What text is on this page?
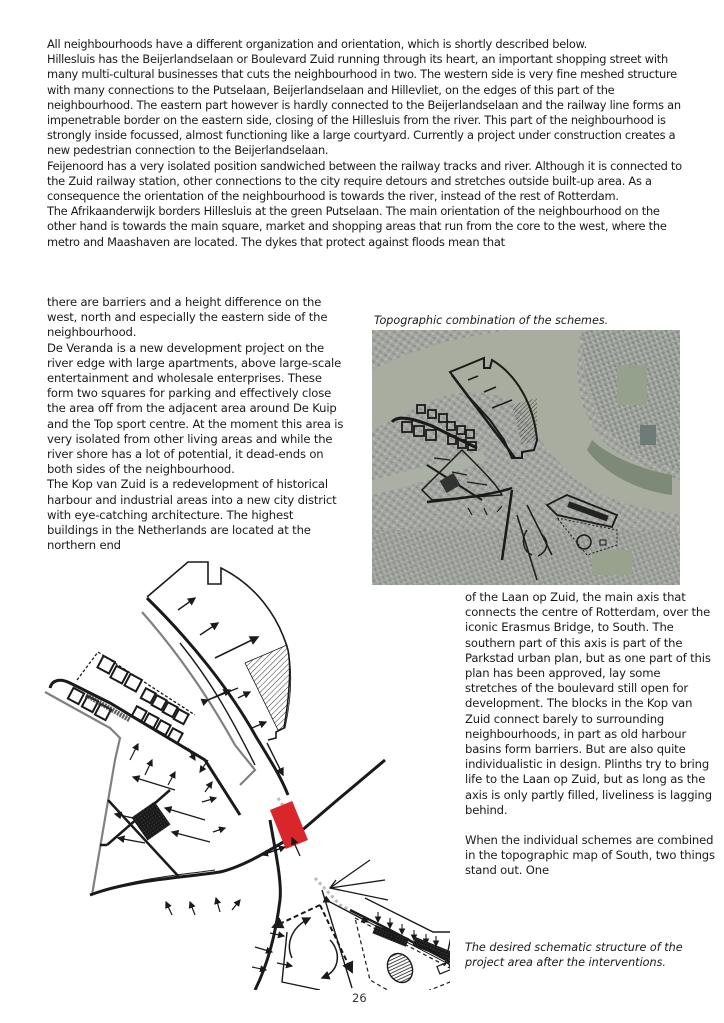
All neighbourhoods have a different organization and orientation, which is shortly described below.

Hillesluis has the Beijerlandselaan or Boulevard Zuid running through its heart, an important shopping street with many multi-cultural businesses that cuts the neighbourhood in two. The western side is very fine meshed structure with many connections to the Putselaan, Beijerlandselaan and Hillevliet, on the edges of this part of the neighbourhood. The eastern part however is hardly connected to the Beijerlandselaan and the railway line forms an impenetrable border on the eastern side, closing of the Hillesluis from the river. This part of the neighbourhood is strongly inside focussed, almost functioning like a large courtyard. Currently a project under construction creates a new pedestrian connection to the Beijerlandselaan.

Feijenoord has a very isolated position sandwiched between the railway tracks and river. Although it is connected to the Zuid railway station, other connections to the city require detours and stretches outside built-up area. As a consequence the orientation of the neighbourhood is towards the river, instead of the rest of Rotterdam.

The Afrikaanderwijk borders Hillesluis at the green Putselaan. The main orientation of the neighbourhood on the other hand is towards the main square, market and shopping areas that run from the core to the west, where the metro and Maashaven are located. The dykes that protect against floods mean that

there are barriers and a height difference on the west, north and especially the eastern side of the neighbourhood.

De Veranda is a new development project on the river edge with large apartments, above large-scale entertainment and wholesale enterprises. These form two squares for parking and effectively close the area off from the adjacent area around De Kuip and the Top sport centre. At the moment this area is very isolated from other living areas and while the river shore has a lot of potential, it dead-ends on both sides of the neighbourhood.

The Kop van Zuid is a redevelopment of historical harbour and industrial areas into a new city district with eye-catching architecture. The highest buildings in the Netherlands are located at the northern end

Topographic combination of the schemes.

of the Laan op Zuid, the main axis that connects the centre of Rotterdam, over the iconic Erasmus Bridge, to South. The southern part of this axis is part of the Parkstad urban plan, but as one part of this plan has been approved, lay some stretches of the boulevard still open for development. The blocks in the Kop van Zuid connect barely to surrounding neighbourhoods, in part as old harbour basins form barriers. But are also quite individualistic in design. Plinths try to bring life to the Laan op Zuid, but as long as the axis is only partly filled, liveliness is lagging behind.

When the individual schemes are combined in the topographic map of South, two things stand out. One

The desired schematic structure of the project area after the interventions.
26
